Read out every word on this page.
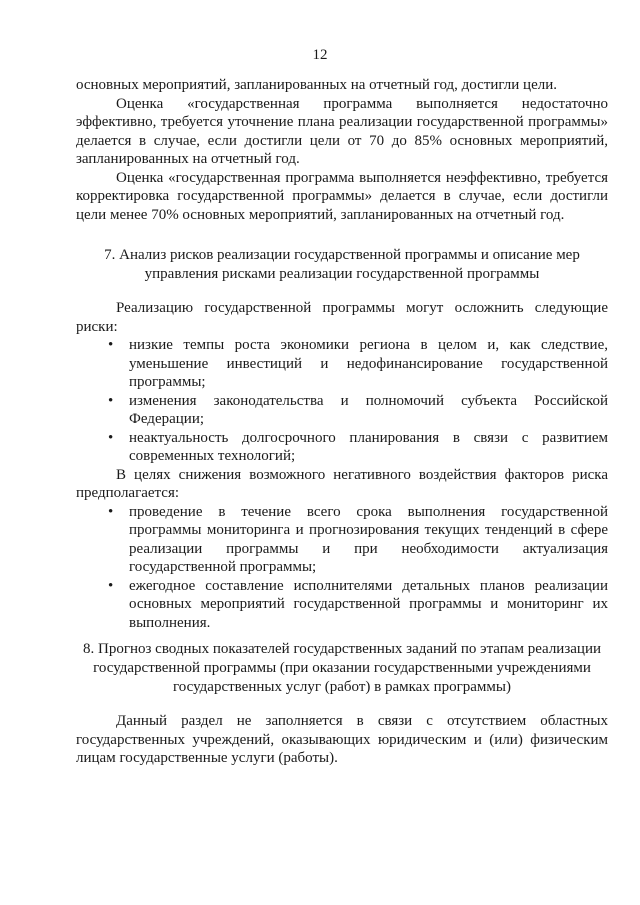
12

основных мероприятий, запланированных на отчетный год, достигли цели.

Оценка «государственная программа выполняется недостаточно эффективно, требуется уточнение плана реализации государственной программы» делается в случае, если достигли цели от 70 до 85% основных мероприятий, запланированных на отчетный год.

Оценка «государственная программа выполняется неэффективно, требуется корректировка государственной программы» делается в случае, если достигли цели менее 70% основных мероприятий, запланированных на отчетный год.

7. Анализ рисков реализации государственной программы и описание мер
управления рисками реализации государственной программы

Реализацию государственной программы могут осложнить следующие риски:

• низкие темпы роста экономики региона в целом и, как следствие, уменьшение инвестиций и недофинансирование государственной программы;
• изменения законодательства и полномочий субъекта Российской Федерации;
• неактуальность долгосрочного планирования в связи с развитием современных технологий;

В целях снижения возможного негативного воздействия факторов риска предполагается:

• проведение в течение всего срока выполнения государственной программы мониторинга и прогнозирования текущих тенденций в сфере реализации программы и при необходимости актуализация государственной программы;
• ежегодное составление исполнителями детальных планов реализации основных мероприятий государственной программы и мониторинг их выполнения.
8. Прогноз сводных показателей государственных заданий по этапам реализации
государственной программы (при оказании государственными учреждениями
государственных услуг (работ) в рамках программы)

Данный раздел не заполняется в связи с отсутствием областных государственных учреждений, оказывающих юридическим и (или) физическим лицам государственные услуги (работы).
